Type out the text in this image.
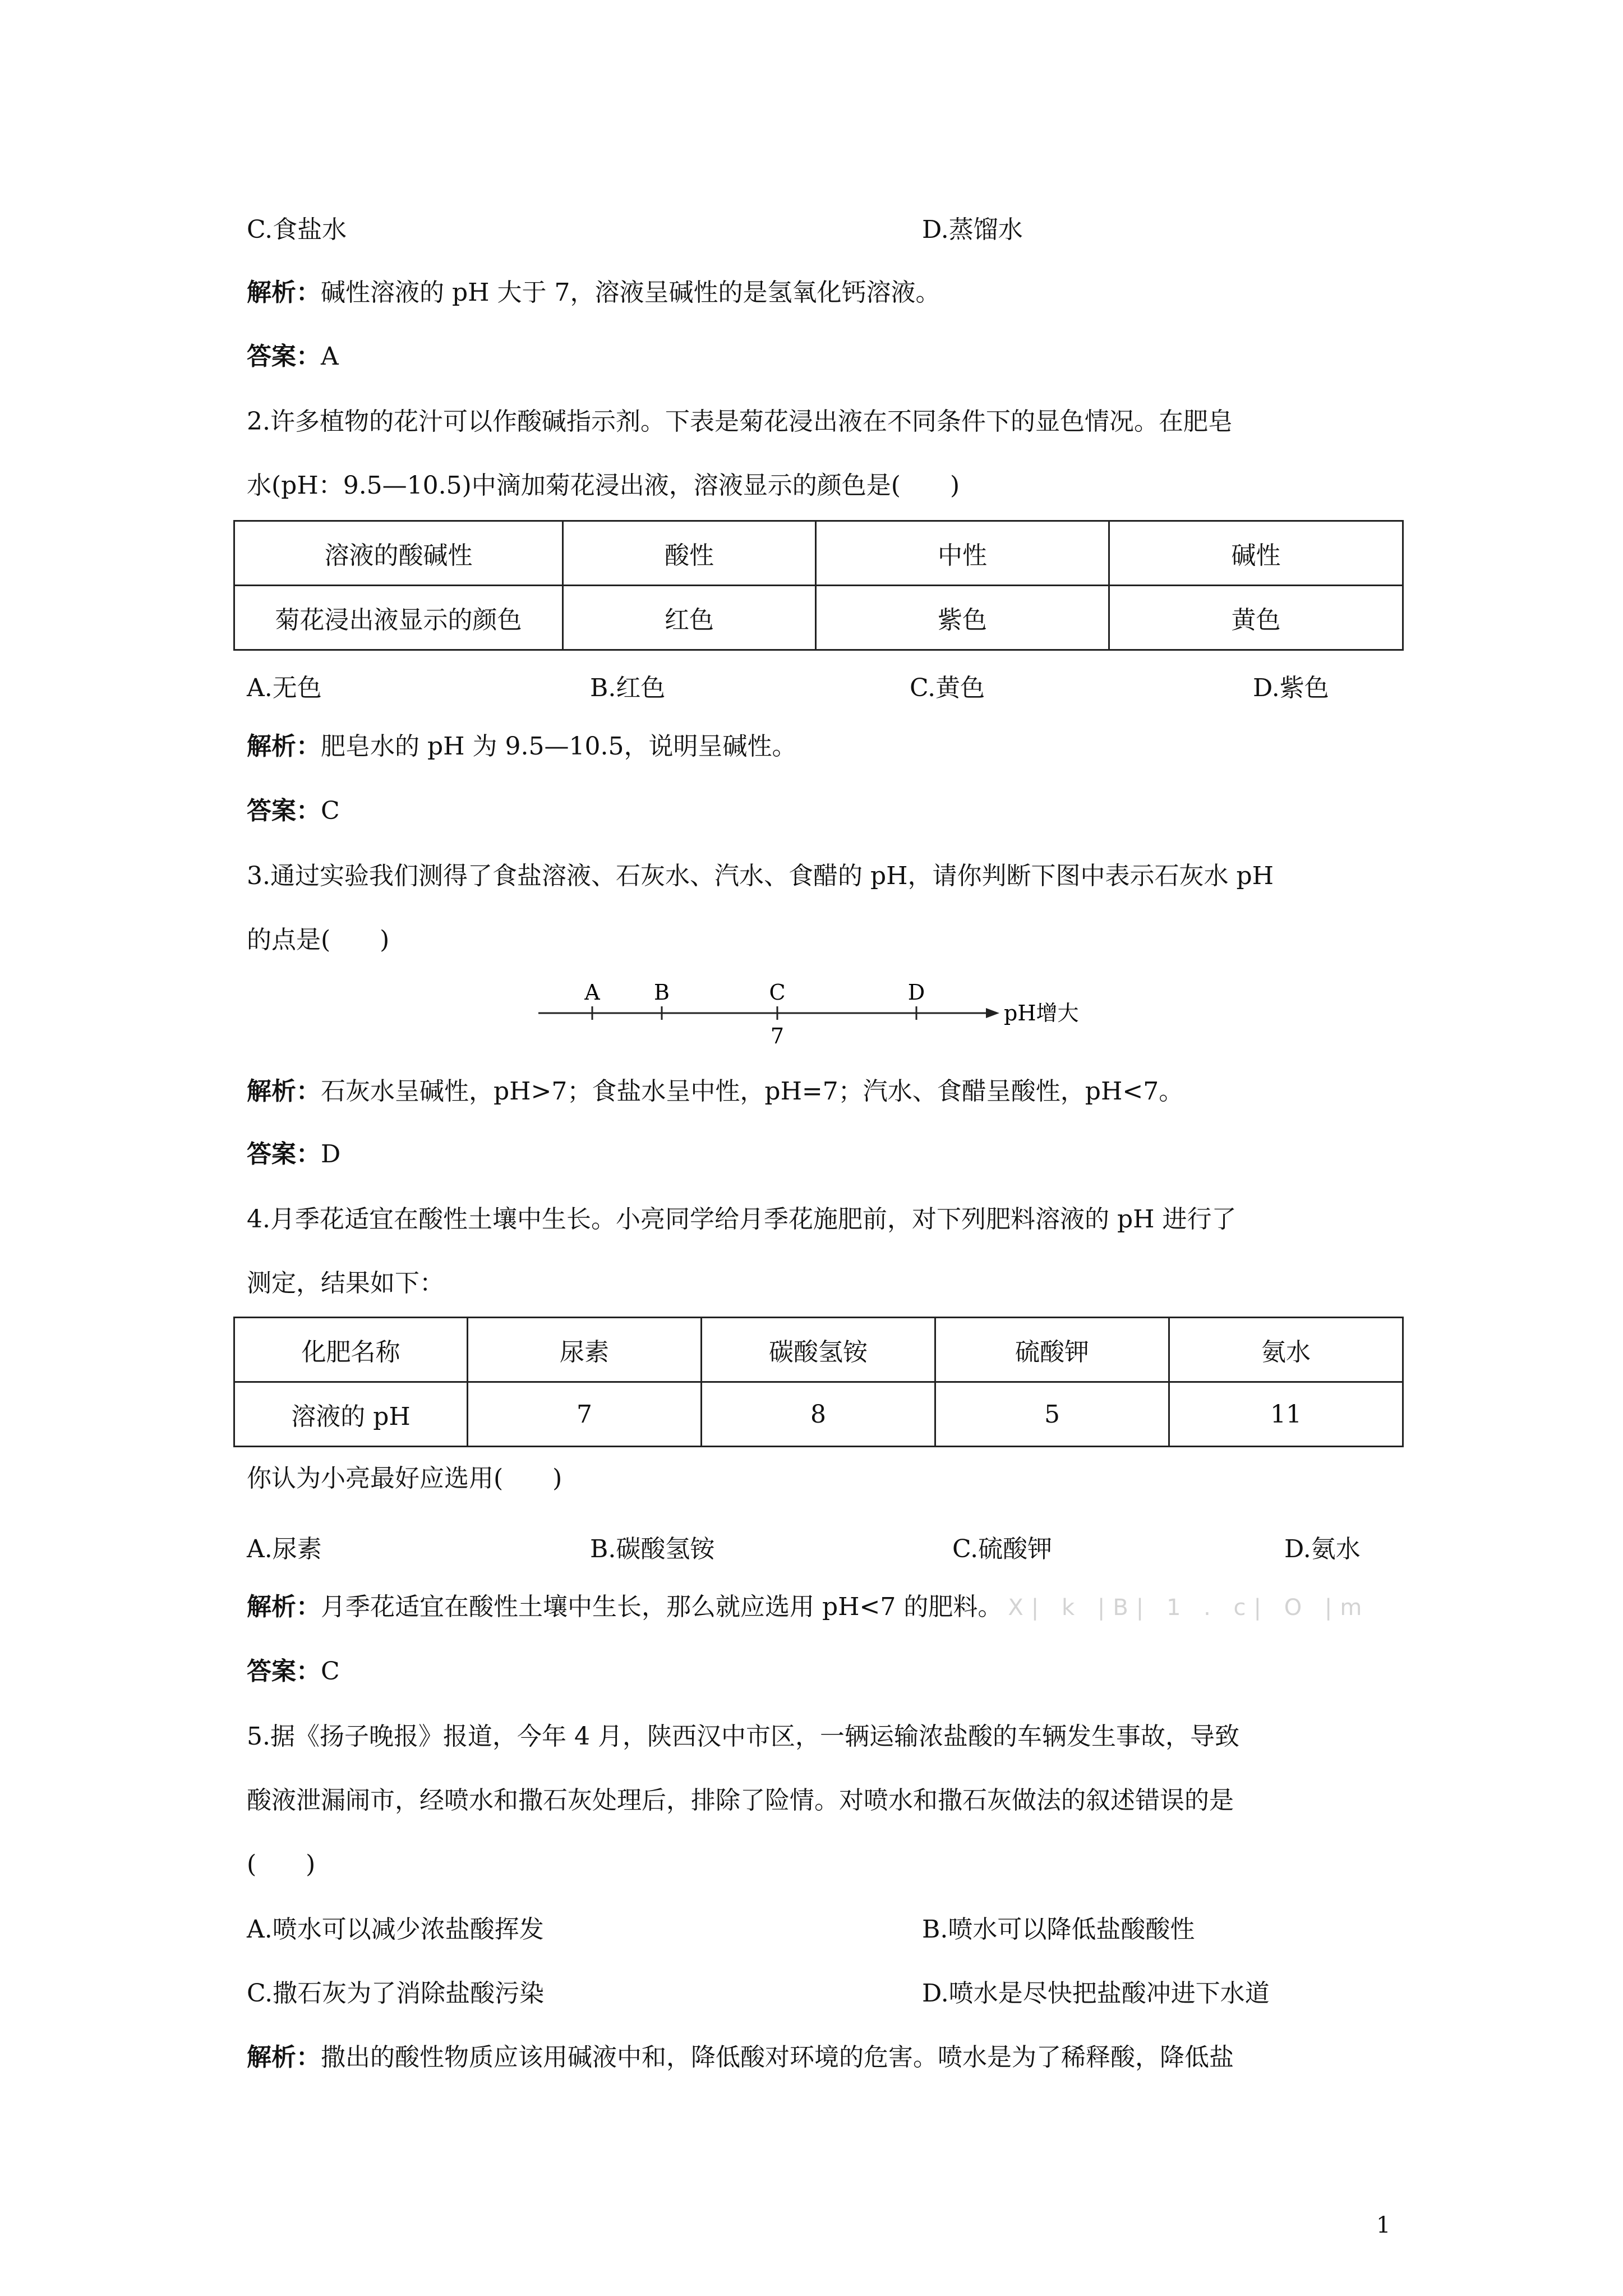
C.食盐水	D.蒸馏水
解析：碱性溶液的 pH 大于 7，溶液呈碱性的是氢氧化钙溶液。
答案：A
2.许多植物的花汁可以作酸碱指示剂。下表是菊花浸出液在不同条件下的显色情况。在肥皂
水(pH：9.5—10.5)中滴加菊花浸出液，溶液显示的颜色是(　　)
溶液的酸碱性	酸性	中性	碱性
菊花浸出液显示的颜色	红色	紫色	黄色
A.无色	B.红色	C.黄色	D.紫色
解析：肥皂水的 pH 为 9.5—10.5，说明呈碱性。
答案：C
3.通过实验我们测得了食盐溶液、石灰水、汽水、食醋的 pH，请你判断下图中表示石灰水 pH
的点是(　　)
A	B	C	D
7
pH增大
解析：石灰水呈碱性，pH>7；食盐水呈中性，pH=7；汽水、食醋呈酸性，pH<7。
答案：D
4.月季花适宜在酸性土壤中生长。小亮同学给月季花施肥前，对下列肥料溶液的 pH 进行了
测定，结果如下：
化肥名称	尿素	碳酸氢铵	硫酸钾	氨水
溶液的 pH	7	8	5	11
你认为小亮最好应选用(　　)
A.尿素	B.碳酸氢铵	C.硫酸钾	D.氨水
解析：月季花适宜在酸性土壤中生长，那么就应选用 pH<7 的肥料。 X| k |B| 1 . c| O |m
答案：C
5.据《扬子晚报》报道，今年 4 月，陕西汉中市区，一辆运输浓盐酸的车辆发生事故，导致
酸液泄漏闹市，经喷水和撒石灰处理后，排除了险情。对喷水和撒石灰做法的叙述错误的是
(　　)
A.喷水可以减少浓盐酸挥发	B.喷水可以降低盐酸酸性
C.撒石灰为了消除盐酸污染	D.喷水是尽快把盐酸冲进下水道
解析：撒出的酸性物质应该用碱液中和，降低酸对环境的危害。喷水是为了稀释酸，降低盐
1
